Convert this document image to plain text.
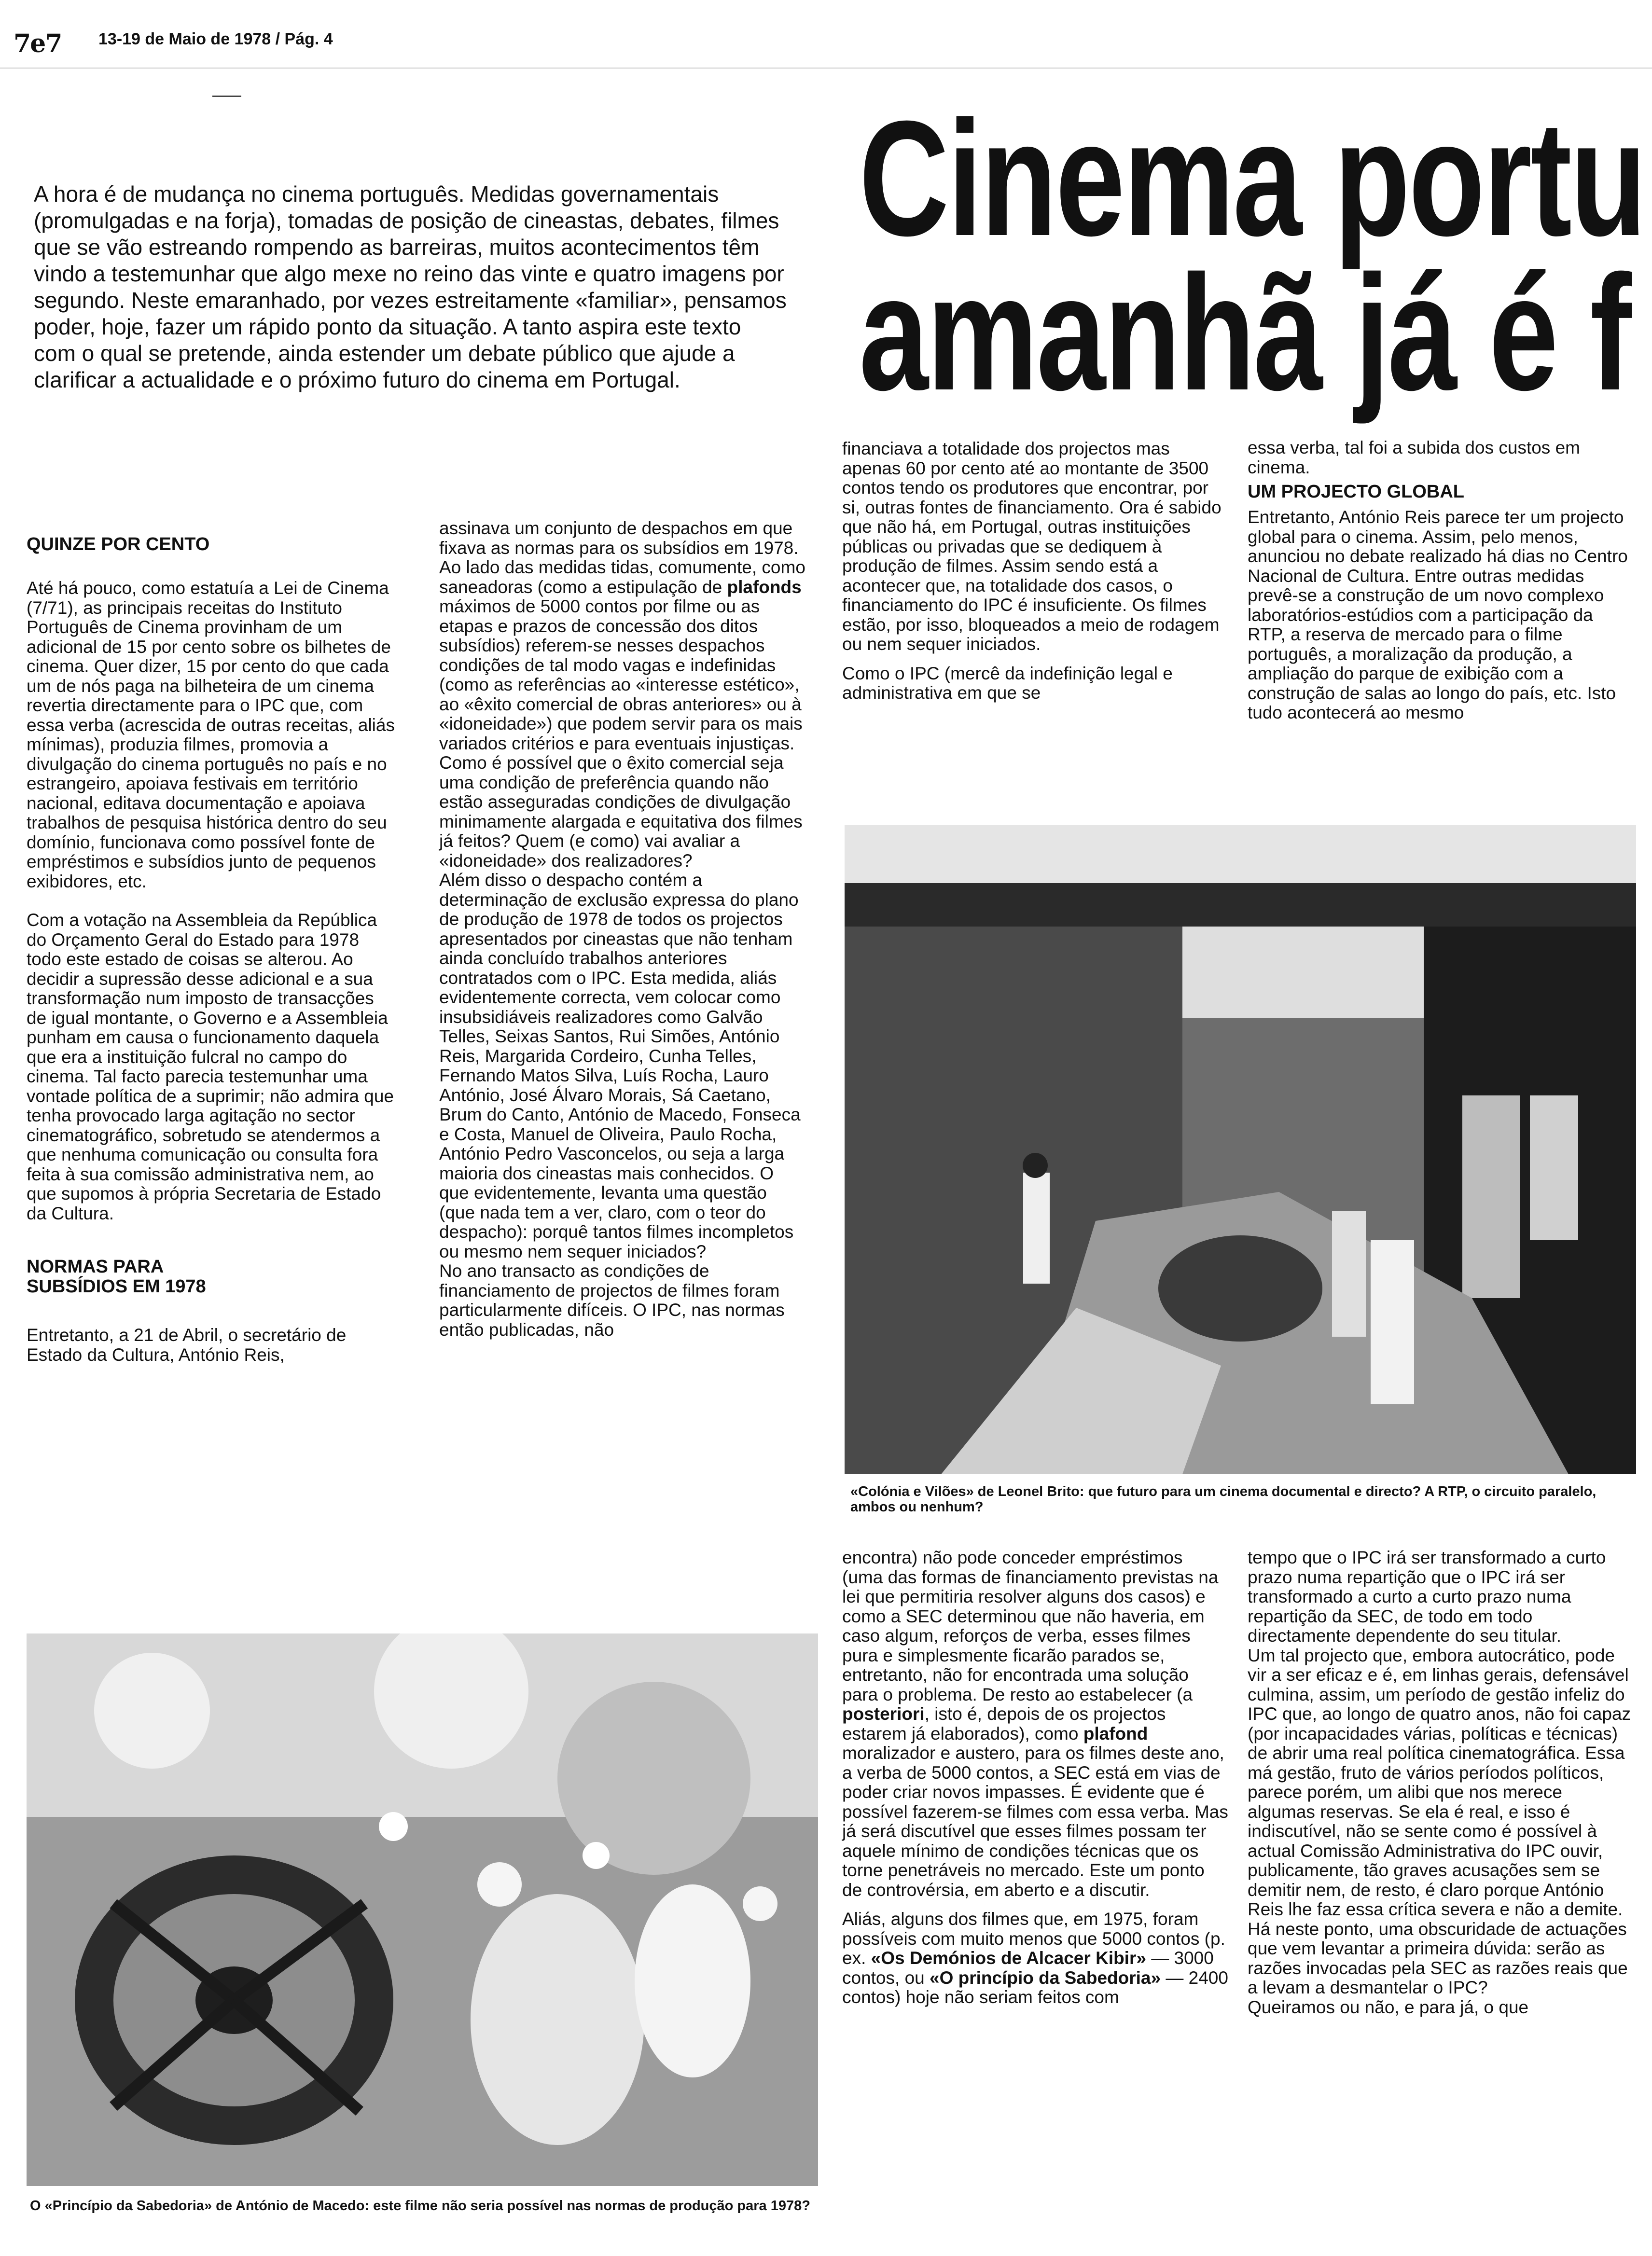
7e7 13-19 de Maio de 1978 / Pág. 4
Cinema portu
amanhã já é f
A hora é de mudança no cinema português. Medidas governamentais (promulgadas e na forja), tomadas de posição de cineastas, debates, filmes que se vão estreando rompendo as barreiras, muitos acontecimentos têm vindo a testemunhar que algo mexe no reino das vinte e quatro imagens por segundo. Neste emaranhado, por vezes estreitamente «familiar», pensamos poder, hoje, fazer um rápido ponto da situação. A tanto aspira este texto com o qual se pretende, ainda estender um debate público que ajude a clarificar a actualidade e o próximo futuro do cinema em Portugal.

QUINZE POR CENTO

Até há pouco, como estatuía a Lei de Cinema (7/71), as principais receitas do Instituto Português de Cinema provinham de um adicional de 15 por cento sobre os bilhetes de cinema. Quer dizer, 15 por cento do que cada um de nós paga na bilheteira de um cinema revertia directamente para o IPC que, com essa verba (acrescida de outras receitas, aliás mínimas), produzia filmes, promovia a divulgação do cinema português no país e no estrangeiro, apoiava festivais em território nacional, editava documentação e apoiava trabalhos de pesquisa histórica dentro do seu domínio, funcionava como possível fonte de empréstimos e subsídios junto de pequenos exibidores, etc.

Com a votação na Assembleia da República do Orçamento Geral do Estado para 1978 todo este estado de coisas se alterou. Ao decidir a supressão desse adicional e a sua transformação num imposto de transacções de igual montante, o Governo e a Assembleia punham em causa o funcionamento daquela que era a instituição fulcral no campo do cinema. Tal facto parecia testemunhar uma vontade política de a suprimir; não admira que tenha provocado larga agitação no sector cinematográfico, sobretudo se atendermos a que nenhuma comunicação ou consulta fora feita à sua comissão administrativa nem, ao que supomos à própria Secretaria de Estado da Cultura.

NORMAS PARA
SUBSÍDIOS EM 1978

Entretanto, a 21 de Abril, o secretário de Estado da Cultura, António Reis,

assinava um conjunto de despachos em que fixava as normas para os subsídios em 1978. Ao lado das medidas tidas, comumente, como saneadoras (como a estipulação de plafonds máximos de 5000 contos por filme ou as etapas e prazos de concessão dos ditos subsídios) referem-se nesses despachos condições de tal modo vagas e indefinidas (como as referências ao «interesse estético», ao «êxito comercial de obras anteriores» ou à «idoneidade») que podem servir para os mais variados critérios e para eventuais injustiças. Como é possível que o êxito comercial seja uma condição de preferência quando não estão asseguradas condições de divulgação minimamente alargada e equitativa dos filmes já feitos? Quem (e como) vai avaliar a «idoneidade» dos realizadores?

Além disso o despacho contém a determinação de exclusão expressa do plano de produção de 1978 de todos os projectos apresentados por cineastas que não tenham ainda concluído trabalhos anteriores contratados com o IPC. Esta medida, aliás evidentemente correcta, vem colocar como insubsidiáveis realizadores como Galvão Telles, Seixas Santos, Rui Simões, António Reis, Margarida Cordeiro, Cunha Telles, Fernando Matos Silva, Luís Rocha, Lauro António, José Álvaro Morais, Sá Caetano, Brum do Canto, António de Macedo, Fonseca e Costa, Manuel de Oliveira, Paulo Rocha, António Pedro Vasconcelos, ou seja a larga maioria dos cineastas mais conhecidos. O que evidentemente, levanta uma questão (que nada tem a ver, claro, com o teor do despacho): porquê tantos filmes incompletos ou mesmo nem sequer iniciados?

No ano transacto as condições de financiamento de projectos de filmes foram particularmente difíceis. O IPC, nas normas então publicadas, não

financiava a totalidade dos projectos mas apenas 60 por cento até ao montante de 3500 contos tendo os produtores que encontrar, por si, outras fontes de financiamento. Ora é sabido que não há, em Portugal, outras instituições públicas ou privadas que se dediquem à produção de filmes. Assim sendo está a acontecer que, na totalidade dos casos, o financiamento do IPC é insuficiente. Os filmes estão, por isso, bloqueados a meio de rodagem ou nem sequer iniciados.

Como o IPC (mercê da indefinição legal e administrativa em que se

essa verba, tal foi a subida dos custos em cinema.

UM PROJECTO GLOBAL

Entretanto, António Reis parece ter um projecto global para o cinema. Assim, pelo menos, anunciou no debate realizado há dias no Centro Nacional de Cultura. Entre outras medidas prevê-se a construção de um novo complexo laboratórios-estúdios com a participação da RTP, a reserva de mercado para o filme português, a moralização da produção, a ampliação do parque de exibição com a construção de salas ao longo do país, etc. Isto tudo acontecerá ao mesmo

«Colónia e Vilões» de Leonel Brito: que futuro para um cinema documental e directo? A RTP, o circuito paralelo, ambos ou nenhum?

encontra) não pode conceder empréstimos (uma das formas de financiamento previstas na lei que permitiria resolver alguns dos casos) e como a SEC determinou que não haveria, em caso algum, reforços de verba, esses filmes pura e simplesmente ficarão parados se, entretanto, não for encontrada uma solução para o problema. De resto ao estabelecer (a posteriori, isto é, depois de os projectos estarem já elaborados), como plafond moralizador e austero, para os filmes deste ano, a verba de 5000 contos, a SEC está em vias de poder criar novos impasses. É evidente que é possível fazerem-se filmes com essa verba. Mas já será discutível que esses filmes possam ter aquele mínimo de condições técnicas que os torne penetráveis no mercado. Este um ponto de controvérsia, em aberto e a discutir.

Aliás, alguns dos filmes que, em 1975, foram possíveis com muito menos que 5000 contos (p. ex. «Os Demónios de Alcacer Kibir» — 3000 contos, ou «O princípio da Sabedoria» — 2400 contos) hoje não seriam feitos com

tempo que o IPC irá ser transformado a curto prazo numa repartição que o IPC irá ser transformado a curto a curto prazo numa repartição da SEC, de todo em todo directamente dependente do seu titular.

Um tal projecto que, embora autocrático, pode vir a ser eficaz e é, em linhas gerais, defensável culmina, assim, um período de gestão infeliz do IPC que, ao longo de quatro anos, não foi capaz (por incapacidades várias, políticas e técnicas) de abrir uma real política cinematográfica. Essa má gestão, fruto de vários períodos políticos, parece porém, um alibi que nos merece algumas reservas. Se ela é real, e isso é indiscutível, não se sente como é possível à actual Comissão Administrativa do IPC ouvir, publicamente, tão graves acusações sem se demitir nem, de resto, é claro porque António Reis lhe faz essa crítica severa e não a demite. Há neste ponto, uma obscuridade de actuações que vem levantar a primeira dúvida: serão as razões invocadas pela SEC as razões reais que a levam a desmantelar o IPC?

Queiramos ou não, e para já, o que

O «Princípio da Sabedoria» de António de Macedo: este filme não seria possível nas normas de produção para 1978?
